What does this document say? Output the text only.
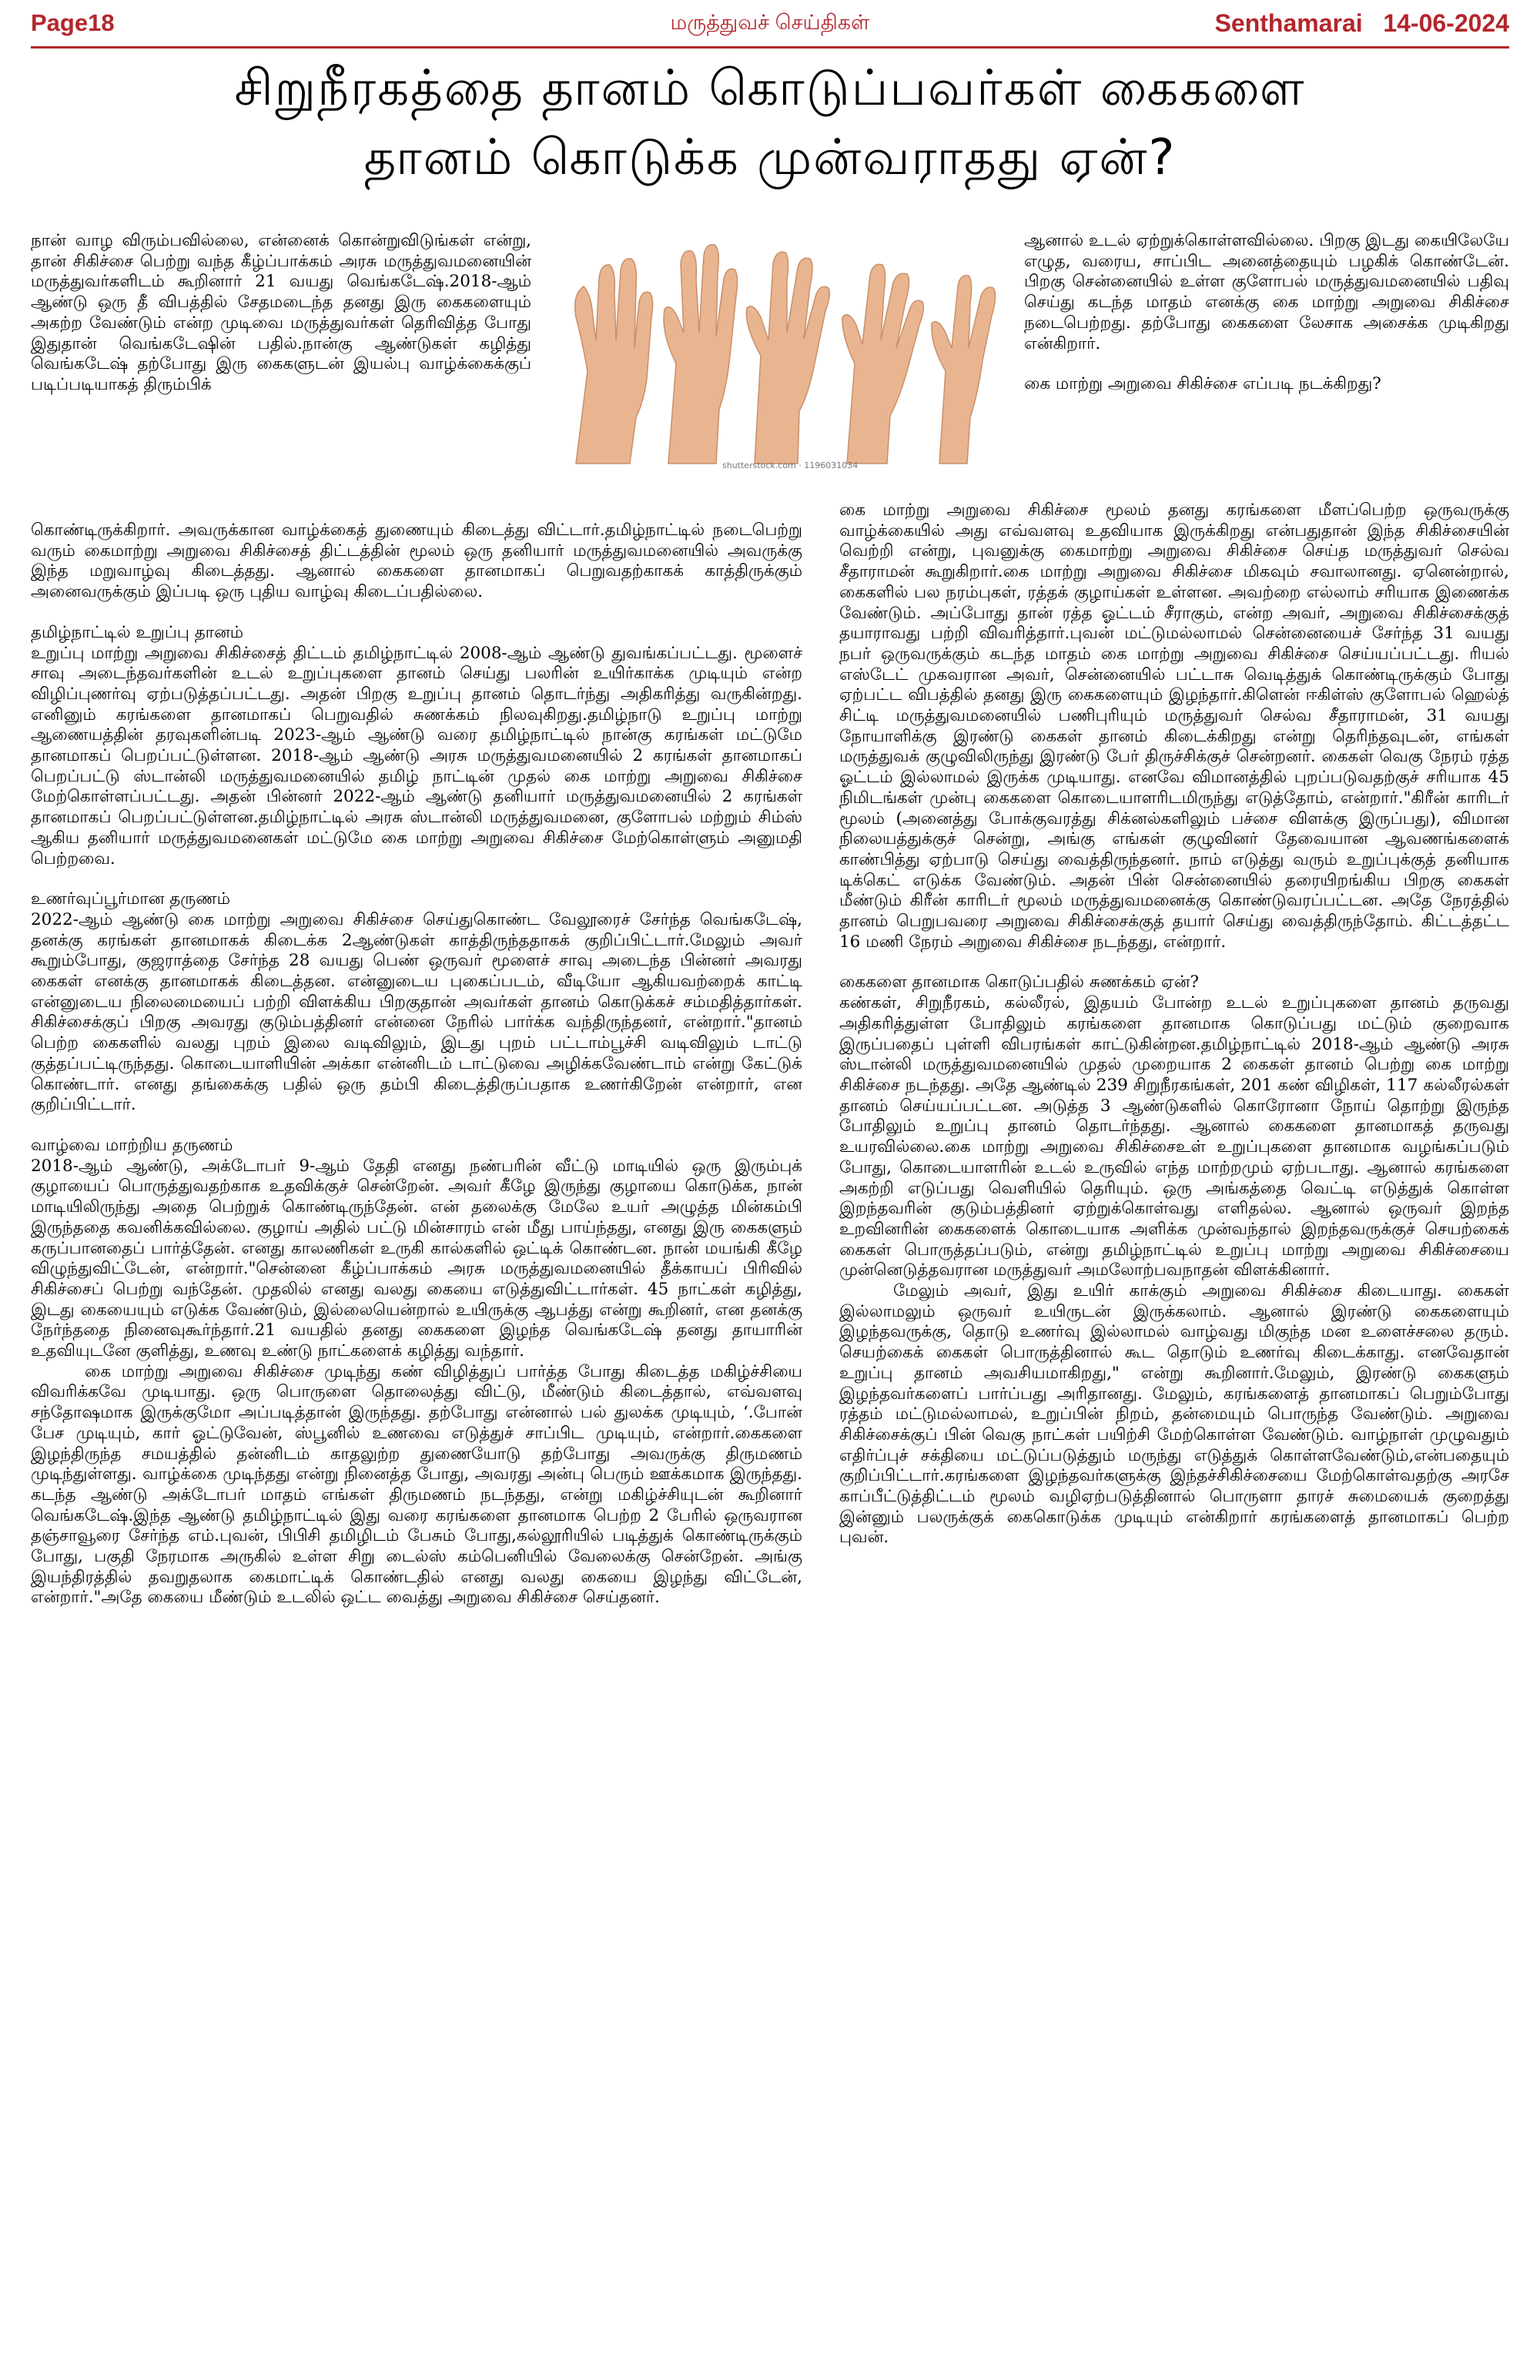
Page18	மருத்துவச் செய்திகள்	Senthamarai 14-06-2024
சிறுநீரகத்தை தானம் கொடுப்பவர்கள் கைகளை
தானம் கொடுக்க முன்வராதது ஏன்?

நான் வாழ விரும்பவில்லை, என்னைக் கொன்றுவிடுங்கள் என்று, தான் சிகிச்சை பெற்று வந்த கீழ்ப்பாக்கம் அரசு மருத்துவமனையின் மருத்துவர்களிடம் கூறினார் 21 வயது வெங்கடேஷ்.2018-ஆம் ஆண்டு ஒரு தீ விபத்தில் சேதமடைந்த தனது இரு கைகளையும் அகற்ற வேண்டும் என்ற முடிவை மருத்துவர்கள் தெரிவித்த போது இதுதான் வெங்கடேஷின் பதில்.நான்கு ஆண்டுகள் கழித்து வெங்கடேஷ் தற்போது இரு கைகளுடன் இயல்பு வாழ்க்கைக்குப் படிப்படியாகத் திரும்பிக்

shutterstock.com · 1196031034

கொண்டிருக்கிறார். அவருக்கான வாழ்க்கைத் துணையும் கிடைத்து விட்டார்.தமிழ்நாட்டில் நடைபெற்று வரும் கைமாற்று அறுவை சிகிச்சைத் திட்டத்தின் மூலம் ஒரு தனியார் மருத்துவமனையில் அவருக்கு இந்த மறுவாழ்வு கிடைத்தது. ஆனால் கைகளை தானமாகப் பெறுவதற்காகக் காத்திருக்கும் அனைவருக்கும் இப்படி ஒரு புதிய வாழ்வு கிடைப்பதில்லை.

தமிழ்நாட்டில் உறுப்பு தானம்

உறுப்பு மாற்று அறுவை சிகிச்சைத் திட்டம் தமிழ்நாட்டில் 2008-ஆம் ஆண்டு துவங்கப்பட்டது. மூளைச் சாவு அடைந்தவர்களின் உடல் உறுப்புகளை தானம் செய்து பலரின் உயிர்காக்க முடியும் என்ற விழிப்புணர்வு ஏற்படுத்தப்பட்டது. அதன் பிறகு உறுப்பு தானம் தொடர்ந்து அதிகரித்து வருகின்றது. எனினும் கரங்களை தானமாகப் பெறுவதில் சுணக்கம் நிலவுகிறது.தமிழ்நாடு உறுப்பு மாற்று ஆணையத்தின் தரவுகளின்படி 2023-ஆம் ஆண்டு வரை தமிழ்நாட்டில் நான்கு கரங்கள் மட்டுமே தானமாகப் பெறப்பட்டுள்ளன. 2018-ஆம் ஆண்டு அரசு மருத்துவமனையில் 2 கரங்கள் தானமாகப் பெறப்பட்டு ஸ்டான்லி மருத்துவமனையில் தமிழ் நாட்டின் முதல் கை மாற்று அறுவை சிகிச்சை மேற்கொள்ளப்பட்டது. அதன் பின்னர் 2022-ஆம் ஆண்டு தனியார் மருத்துவமனையில் 2 கரங்கள் தானமாகப் பெறப்பட்டுள்ளன.தமிழ்நாட்டில் அரசு ஸ்டான்லி மருத்துவமனை, குளோபல் மற்றும் சிம்ஸ் ஆகிய தனியார் மருத்துவமனைகள் மட்டுமே கை மாற்று அறுவை சிகிச்சை மேற்கொள்ளும் அனுமதி பெற்றவை.

உணர்வுப்பூர்மான தருணம்

2022-ஆம் ஆண்டு கை மாற்று அறுவை சிகிச்சை செய்துகொண்ட வேலூரைச் சேர்ந்த வெங்கடேஷ், தனக்கு கரங்கள் தானமாகக் கிடைக்க 2ஆண்டுகள் காத்திருந்ததாகக் குறிப்பிட்டார்.மேலும் அவர் கூறும்போது, குஜராத்தை சேர்ந்த 28 வயது பெண் ஒருவர் மூளைச் சாவு அடைந்த பின்னர் அவரது கைகள் எனக்கு தானமாகக் கிடைத்தன. என்னுடைய புகைப்படம், வீடியோ ஆகியவற்றைக் காட்டி என்னுடைய நிலைமையைப் பற்றி விளக்கிய பிறகுதான் அவர்கள் தானம் கொடுக்கச் சம்மதித்தார்கள். சிகிச்சைக்குப் பிறகு அவரது குடும்பத்தினர் என்னை நேரில் பார்க்க வந்திருந்தனர், என்றார்."தானம் பெற்ற கைகளில் வலது புறம் இலை வடிவிலும், இடது புறம் பட்டாம்பூச்சி வடிவிலும் டாட்டு குத்தப்பட்டிருந்தது. கொடையாளியின் அக்கா என்னிடம் டாட்டுவை அழிக்கவேண்டாம் என்று கேட்டுக் கொண்டார். எனது தங்கைக்கு பதில் ஒரு தம்பி கிடைத்திருப்பதாக உணர்கிறேன் என்றார், என குறிப்பிட்டார்.

வாழ்வை மாற்றிய தருணம்

2018-ஆம் ஆண்டு, அக்டோபர் 9-ஆம் தேதி எனது நண்பரின் வீட்டு மாடியில் ஒரு இரும்புக் குழாயைப் பொருத்துவதற்காக உதவிக்குச் சென்றேன். அவர் கீழே இருந்து குழாயை கொடுக்க, நான் மாடியிலிருந்து அதை பெற்றுக் கொண்டிருந்தேன். என் தலைக்கு மேலே உயர் அழுத்த மின்கம்பி இருந்ததை கவனிக்கவில்லை. குழாய் அதில் பட்டு மின்சாரம் என் மீது பாய்ந்தது, எனது இரு கைகளும் கருப்பானதைப் பார்த்தேன். எனது காலணிகள் உருகி கால்களில் ஒட்டிக் கொண்டன. நான் மயங்கி கீழே விழுந்துவிட்டேன், என்றார்."சென்னை கீழ்ப்பாக்கம் அரசு மருத்துவமனையில் தீக்காயப் பிரிவில் சிகிச்சைப் பெற்று வந்தேன். முதலில் எனது வலது கையை எடுத்துவிட்டார்கள். 45 நாட்கள் கழித்து, இடது கையையும் எடுக்க வேண்டும், இல்லையென்றால் உயிருக்கு ஆபத்து என்று கூறினர், என தனக்கு நேர்ந்ததை நினைவுகூர்ந்தார்.21 வயதில் தனது கைகளை இழந்த வெங்கடேஷ் தனது தாயாரின் உதவியுடனே குளித்து, உணவு உண்டு நாட்களைக் கழித்து வந்தார்.

கை மாற்று அறுவை சிகிச்சை முடிந்து கண் விழித்துப் பார்த்த போது கிடைத்த மகிழ்ச்சியை விவரிக்கவே முடியாது. ஒரு பொருளை தொலைத்து விட்டு, மீண்டும் கிடைத்தால், எவ்வளவு சந்தோஷமாக இருக்குமோ அப்படித்தான் இருந்தது. தற்போது என்னால் பல் துலக்க முடியும், ‘.போன் பேச முடியும், கார் ஓட்டுவேன், ஸ்பூனில் உணவை எடுத்துச் சாப்பிட முடியும், என்றார்.கைகளை இழந்திருந்த சமயத்தில் தன்னிடம் காதலுற்ற துணையோடு தற்போது அவருக்கு திருமணம் முடிந்துள்ளது. வாழ்க்கை முடிந்தது என்று நினைத்த போது, அவரது அன்பு பெரும் ஊக்கமாக இருந்தது. கடந்த ஆண்டு அக்டோபர் மாதம் எங்கள் திருமணம் நடந்தது, என்று மகிழ்ச்சியுடன் கூறினார் வெங்கடேஷ்.இந்த ஆண்டு தமிழ்நாட்டில் இது வரை கரங்களை தானமாக பெற்ற 2 பேரில் ஒருவரான தஞ்சாவூரை சேர்ந்த எம்.புவன், பிபிசி தமிழிடம் பேசும் போது,கல்லூரியில் படித்துக் கொண்டிருக்கும் போது, பகுதி நேரமாக அருகில் உள்ள சிறு டைல்ஸ் கம்பெனியில் வேலைக்கு சென்றேன். அங்கு இயந்திரத்தில் தவறுதலாக கைமாட்டிக் கொண்டதில் எனது வலது கையை இழந்து விட்டேன், என்றார்."அதே கையை மீண்டும் உடலில் ஒட்ட வைத்து அறுவை சிகிச்சை செய்தனர்.

ஆனால் உடல் ஏற்றுக்கொள்ளவில்லை. பிறகு இடது கையிலேயே எழுத, வரைய, சாப்பிட அனைத்தையும் பழகிக் கொண்டேன். பிறகு சென்னையில் உள்ள குளோபல் மருத்துவமனையில் பதிவு செய்து கடந்த மாதம் எனக்கு கை மாற்று அறுவை சிகிச்சை நடைபெற்றது. தற்போது கைகளை லேசாக அசைக்க முடிகிறது என்கிறார்.

கை மாற்று அறுவை சிகிச்சை எப்படி நடக்கிறது?

கை மாற்று அறுவை சிகிச்சை மூலம் தனது கரங்களை மீளப்பெற்ற ஒருவருக்கு வாழ்க்கையில் அது எவ்வளவு உதவியாக இருக்கிறது என்பதுதான் இந்த சிகிச்சையின் வெற்றி என்று, புவனுக்கு கைமாற்று அறுவை சிகிச்சை செய்த மருத்துவர் செல்வ சீதாராமன் கூறுகிறார்.கை மாற்று அறுவை சிகிச்சை மிகவும் சவாலானது. ஏனென்றால், கைகளில் பல நரம்புகள், ரத்தக் குழாய்கள் உள்ளன. அவற்றை எல்லாம் சரியாக இணைக்க வேண்டும். அப்போது தான் ரத்த ஓட்டம் சீராகும், என்ற அவர், அறுவை சிகிச்சைக்குத் தயாராவது பற்றி விவரித்தார்.புவன் மட்டுமல்லாமல் சென்னையைச் சேர்ந்த 31 வயது நபர் ஒருவருக்கும் கடந்த மாதம் கை மாற்று அறுவை சிகிச்சை செய்யப்பட்டது. ரியல் எஸ்டேட் முகவரான அவர், சென்னையில் பட்டாசு வெடித்துக் கொண்டிருக்கும் போது ஏற்பட்ட விபத்தில் தனது இரு கைகளையும் இழந்தார்.கிளென் ஈகிள்ஸ் குளோபல் ஹெல்த் சிட்டி மருத்துவமனையில் பணிபுரியும் மருத்துவர் செல்வ சீதாராமன், 31 வயது நோயாளிக்கு இரண்டு கைகள் தானம் கிடைக்கிறது என்று தெரிந்தவுடன், எங்கள் மருத்துவக் குழுவிலிருந்து இரண்டு பேர் திருச்சிக்குச் சென்றனர். கைகள் வெகு நேரம் ரத்த ஓட்டம் இல்லாமல் இருக்க முடியாது. எனவே விமானத்தில் புறப்படுவதற்குச் சரியாக 45 நிமிடங்கள் முன்பு கைகளை கொடையாளரிடமிருந்து எடுத்தோம், என்றார்."கிரீன் காரிடர் மூலம் (அனைத்து போக்குவரத்து சிக்னல்களிலும் பச்சை விளக்கு இருப்பது), விமான நிலையத்துக்குச் சென்று, அங்கு எங்கள் குழுவினர் தேவையான ஆவணங்களைக் காண்பித்து ஏற்பாடு செய்து வைத்திருந்தனர். நாம் எடுத்து வரும் உறுப்புக்குத் தனியாக டிக்கெட் எடுக்க வேண்டும். அதன் பின் சென்னையில் தரையிறங்கிய பிறகு கைகள் மீண்டும் கிரீன் காரிடர் மூலம் மருத்துவமனைக்கு கொண்டுவரப்பட்டன. அதே நேரத்தில் தானம் பெறுபவரை அறுவை சிகிச்சைக்குத் தயார் செய்து வைத்திருந்தோம். கிட்டத்தட்ட 16 மணி நேரம் அறுவை சிகிச்சை நடந்தது, என்றார்.

கைகளை தானமாக கொடுப்பதில் சுணக்கம் ஏன்?

கண்கள், சிறுநீரகம், கல்லீரல், இதயம் போன்ற உடல் உறுப்புகளை தானம் தருவது அதிகரித்துள்ள போதிலும் கரங்களை தானமாக கொடுப்பது மட்டும் குறைவாக இருப்பதைப் புள்ளி விபரங்கள் காட்டுகின்றன.தமிழ்நாட்டில் 2018-ஆம் ஆண்டு அரசு ஸ்டான்லி மருத்துவமனையில் முதல் முறையாக 2 கைகள் தானம் பெற்று கை மாற்று சிகிச்சை நடந்தது. அதே ஆண்டில் 239 சிறுநீரகங்கள், 201 கண் விழிகள், 117 கல்லீரல்கள் தானம் செய்யப்பட்டன. அடுத்த 3 ஆண்டுகளில் கொரோனா நோய் தொற்று இருந்த போதிலும் உறுப்பு தானம் தொடர்ந்தது. ஆனால் கைகளை தானமாகத் தருவது உயரவில்லை.கை மாற்று அறுவை சிகிச்சைஉள் உறுப்புகளை தானமாக வழங்கப்படும் போது, கொடையாளரின் உடல் உருவில் எந்த மாற்றமும் ஏற்படாது. ஆனால் கரங்களை அகற்றி எடுப்பது வெளியில் தெரியும். ஒரு அங்கத்தை வெட்டி எடுத்துக் கொள்ள இறந்தவரின் குடும்பத்தினர் ஏற்றுக்கொள்வது எளிதல்ல. ஆனால் ஒருவர் இறந்த உறவினரின் கைகளைக் கொடையாக அளிக்க முன்வந்தால் இறந்தவருக்குச் செயற்கைக் கைகள் பொருத்தப்படும், என்று தமிழ்நாட்டில் உறுப்பு மாற்று அறுவை சிகிச்சையை முன்னெடுத்தவரான மருத்துவர் அமலோற்பவநாதன் விளக்கினார்.

மேலும் அவர், இது உயிர் காக்கும் அறுவை சிகிச்சை கிடையாது. கைகள் இல்லாமலும் ஒருவர் உயிருடன் இருக்கலாம். ஆனால் இரண்டு கைகளையும் இழந்தவருக்கு, தொடு உணர்வு இல்லாமல் வாழ்வது மிகுந்த மன உளைச்சலை தரும். செயற்கைக் கைகள் பொருத்தினால் கூட தொடும் உணர்வு கிடைக்காது. எனவேதான் உறுப்பு தானம் அவசியமாகிறது," என்று கூறினார்.மேலும், இரண்டு கைகளும் இழந்தவர்களைப் பார்ப்பது அரிதானது. மேலும், கரங்களைத் தானமாகப் பெறும்போது ரத்தம் மட்டுமல்லாமல், உறுப்பின் நிறம், தன்மையும் பொருந்த வேண்டும். அறுவை சிகிச்சைக்குப் பின் வெகு நாட்கள் பயிற்சி மேற்கொள்ள வேண்டும். வாழ்நாள் முழுவதும் எதிர்ப்புச் சக்தியை மட்டுப்படுத்தும் மருந்து எடுத்துக் கொள்ளவேண்டும்,என்பதையும் குறிப்பிட்டார்.கரங்களை இழந்தவர்களுக்கு இந்தச்சிகிச்சையை மேற்கொள்வதற்கு அரசே காப்பீட்டுத்திட்டம் மூலம் வழிஏற்படுத்தினால் பொருளா தாரச் சுமையைக் குறைத்து இன்னும் பலருக்குக் கைகொடுக்க முடியும் என்கிறார் கரங்களைத் தானமாகப் பெற்ற புவன்.
